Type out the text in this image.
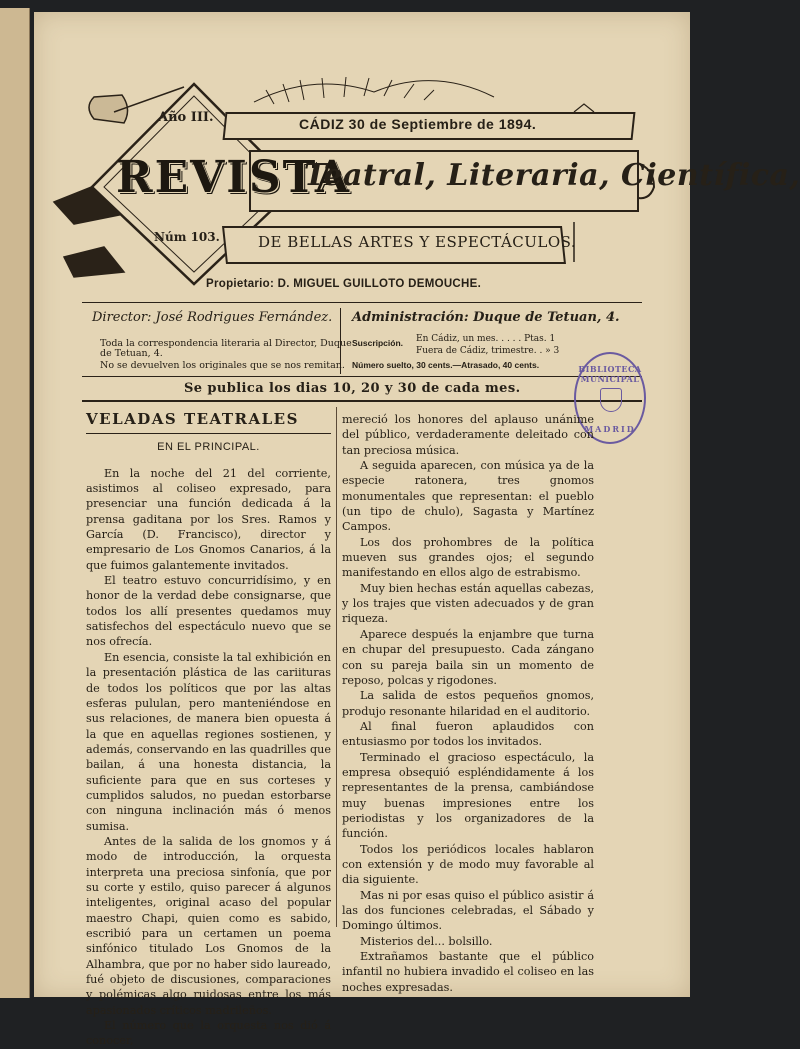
Año III.	CÁDIZ 30 de Septiembre de 1894.
REVISTA
Teatral, Literaria, Científica,
Núm 103.	DE BELLAS ARTES Y ESPECTÁCULOS.
Propietario: D. MIGUEL GUILLOTO DEMOUCHE.
Director: José Rodrigues Fernández.
Toda la correspondencia literaria al Director, Duque
de Tetuan, 4.
No se devuelven los originales que se nos remitan.
Administración: Duque de Tetuan, 4.
Suscripción. En Cádiz, un mes. . . . . Ptas. 1
Fuera de Cádiz, trimestre. . » 3
Número suelto, 30 cents.—Atrasado, 40 cents.
Se publica los dias 10, 20 y 30 de cada mes.
BIBLIOTECA MUNICIPAL
MADRID
VELADAS TEATRALES
EN EL PRINCIPAL.

En la noche del 21 del corriente, asistimos al coliseo expresado, para presenciar una función dedicada á la prensa gaditana por los Sres. Ramos y García (D. Francisco), director y empresario de Los Gnomos Canarios, á la que fuimos galantemente invitados.

El teatro estuvo concurridísimo, y en honor de la verdad debe consignarse, que todos los allí presentes quedamos muy satisfechos del espectáculo nuevo que se nos ofrecía.

En esencia, consiste la tal exhibición en la presentación plástica de las cariituras de todos los políticos que por las altas esferas pululan, pero manteniéndose en sus relaciones, de manera bien opuesta á la que en aquellas regiones sostienen, y además, conservando en las quadrilles que bailan, á una honesta distancia, la suficiente para que en sus corteses y cumplidos saludos, no puedan estorbarse con ninguna inclinación más ó menos sumisa.

Antes de la salida de los gnomos y á modo de introducción, la orquesta interpreta una preciosa sinfonía, que por su corte y estilo, quiso parecer á algunos inteligentes, original acaso del popular maestro Chapi, quien como es sabido, escribió para un certamen un poema sinfónico titulado Los Gnomos de la Alhambra, que por no haber sido laureado, fué objeto de discusiones, comparaciones y polémicas algo ruidosas entre los más apasionados críticos madrileños.

El número que la orquesta nos dió á conocer,

mereció los honores del aplauso unánime del público, verdaderamente deleitado con tan preciosa música.

A seguida aparecen, con música ya de la especie ratonera, tres gnomos monumentales que representan: el pueblo (un tipo de chulo), Sagasta y Martínez Campos.

Los dos prohombres de la política mueven sus grandes ojos; el segundo manifestando en ellos algo de estrabismo.

Muy bien hechas están aquellas cabezas, y los trajes que visten adecuados y de gran riqueza.

Aparece después la enjambre que turna en chupar del presupuesto. Cada zángano con su pareja baila sin un momento de reposo, polcas y rigodones.

La salida de estos pequeños gnomos, produjo resonante hilaridad en el auditorio.

Al final fueron aplaudidos con entusiasmo por todos los invitados.

Terminado el gracioso espectáculo, la empresa obsequió espléndidamente á los representantes de la prensa, cambiándose muy buenas impresiones entre los periodistas y los organizadores de la función.

Todos los periódicos locales hablaron con extensión y de modo muy favorable al dia siguiente.

Mas ni por esas quiso el público asistir á las dos funciones celebradas, el Sábado y Domingo últimos.

Misterios del... bolsillo.

Extrañamos bastante que el público infantil no hubiera invadido el coliseo en las noches expresadas.
